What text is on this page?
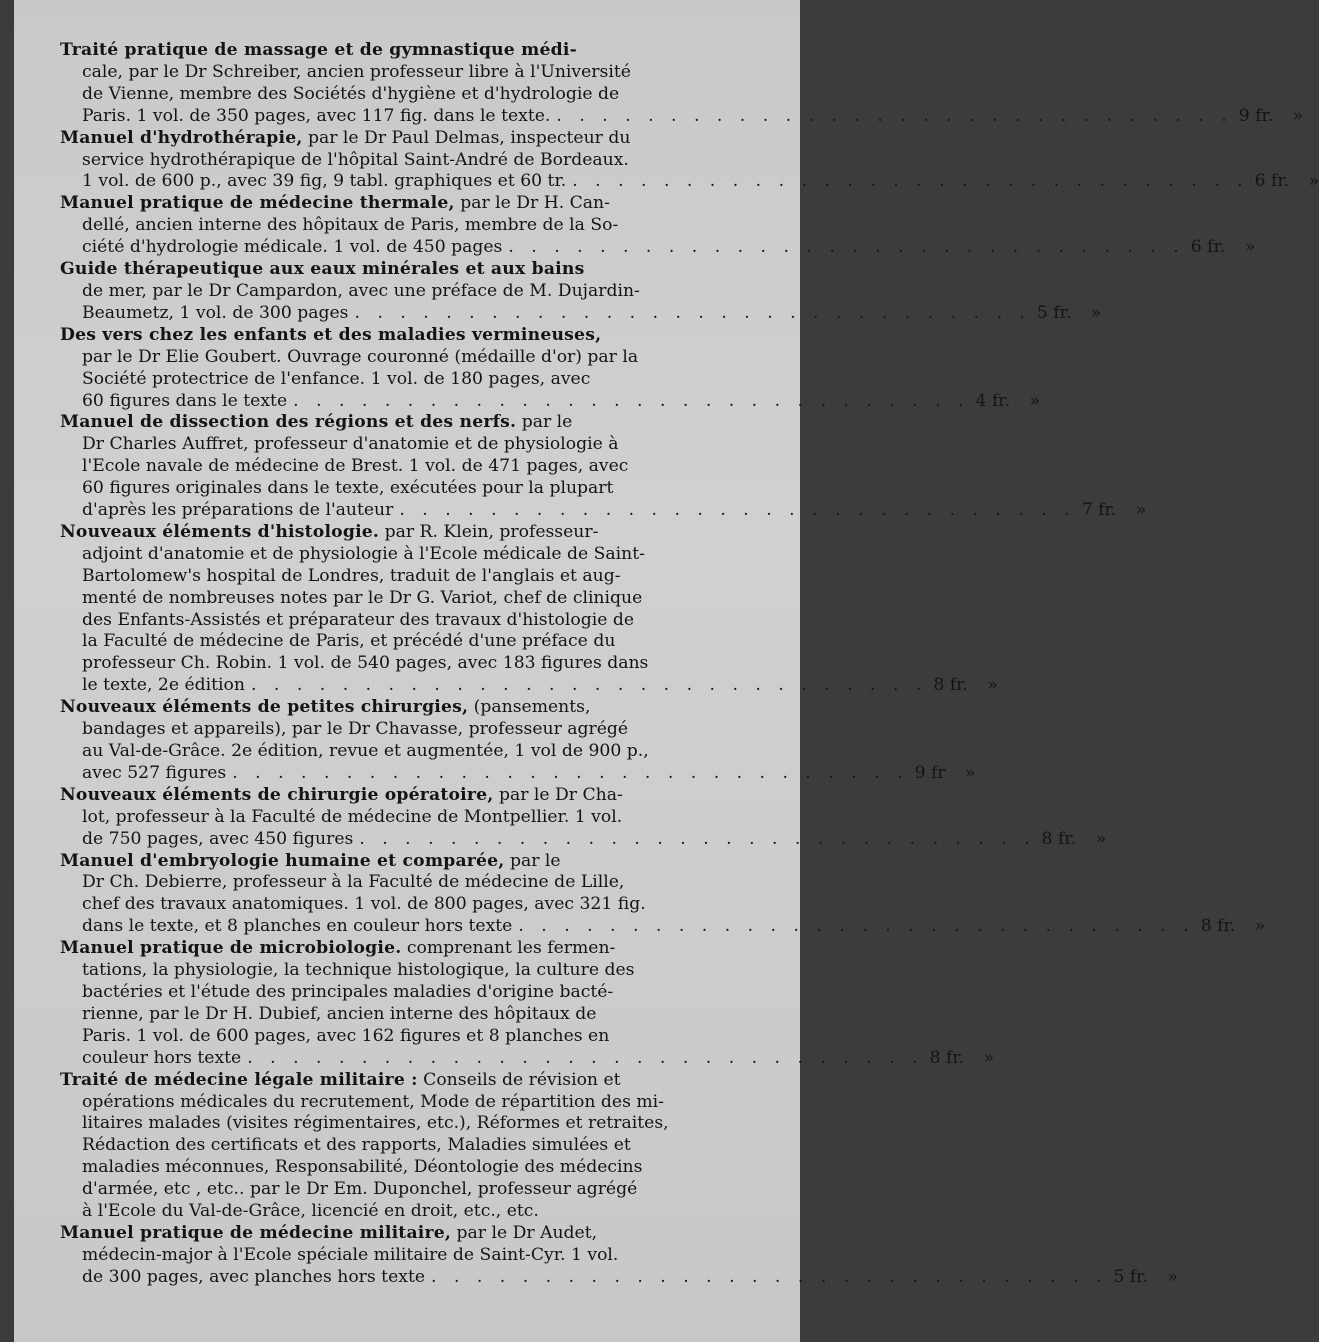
Traité pratique de massage et de gymnastique médi-
cale, par le Dr Schreiber, ancien professeur libre à l'Université
de Vienne, membre des Sociétés d'hygiène et d'hydrologie de
Paris. 1 vol. de 350 pages, avec 117 fig. dans le texte. . . . . . . . . . . . . . . . . . . . . . . . . . . . . . . 9 fr.	»
Manuel d'hydrothérapie, par le Dr Paul Delmas, inspecteur du
service hydrothérapique de l'hôpital Saint-André de Bordeaux.
1 vol. de 600 p., avec 39 fig, 9 tabl. graphiques et 60 tr. . . . . . . . . . . . . . . . . . . . . . . . . . . . . . . 6 fr.	»
Manuel pratique de médecine thermale, par le Dr H. Can-
dellé, ancien interne des hôpitaux de Paris, membre de la So-
ciété d'hydrologie médicale. 1 vol. de 450 pages . . . . . . . . . . . . . . . . . . . . . . . . . . . . . . 6 fr.	»
Guide thérapeutique aux eaux minérales et aux bains
de mer, par le Dr Campardon, avec une préface de M. Dujardin-
Beaumetz, 1 vol. de 300 pages . . . . . . . . . . . . . . . . . . . . . . . . . . . . . . 5 fr.	»
Des vers chez les enfants et des maladies vermineuses,
par le Dr Elie Goubert. Ouvrage couronné (médaille d'or) par la
Société protectrice de l'enfance. 1 vol. de 180 pages, avec
60 figures dans le texte . . . . . . . . . . . . . . . . . . . . . . . . . . . . . . 4 fr.	»
Manuel de dissection des régions et des nerfs. par le
Dr Charles Auffret, professeur d'anatomie et de physiologie à
l'Ecole navale de médecine de Brest. 1 vol. de 471 pages, avec
60 figures originales dans le texte, exécutées pour la plupart
d'après les préparations de l'auteur . . . . . . . . . . . . . . . . . . . . . . . . . . . . . . 7 fr.	»
Nouveaux éléments d'histologie. par R. Klein, professeur-
adjoint d'anatomie et de physiologie à l'Ecole médicale de Saint-
Bartolomew's hospital de Londres, traduit de l'anglais et aug-
menté de nombreuses notes par le Dr G. Variot, chef de clinique
des Enfants-Assistés et préparateur des travaux d'histologie de
la Faculté de médecine de Paris, et précédé d'une préface du
professeur Ch. Robin. 1 vol. de 540 pages, avec 183 figures dans
le texte, 2e édition . . . . . . . . . . . . . . . . . . . . . . . . . . . . . . 8 fr.	»
Nouveaux éléments de petites chirurgies, (pansements,
bandages et appareils), par le Dr Chavasse, professeur agrégé
au Val-de-Grâce. 2e édition, revue et augmentée, 1 vol de 900 p.,
avec 527 figures . . . . . . . . . . . . . . . . . . . . . . . . . . . . . . 9 fr	»
Nouveaux éléments de chirurgie opératoire, par le Dr Cha-
lot, professeur à la Faculté de médecine de Montpellier. 1 vol.
de 750 pages, avec 450 figures . . . . . . . . . . . . . . . . . . . . . . . . . . . . . . 8 fr.	»
Manuel d'embryologie humaine et comparée, par le
Dr Ch. Debierre, professeur à la Faculté de médecine de Lille,
chef des travaux anatomiques. 1 vol. de 800 pages, avec 321 fig.
dans le texte, et 8 planches en couleur hors texte . . . . . . . . . . . . . . . . . . . . . . . . . . . . . . 8 fr.	»
Manuel pratique de microbiologie. comprenant les fermen-
tations, la physiologie, la technique histologique, la culture des
bactéries et l'étude des principales maladies d'origine bacté-
rienne, par le Dr H. Dubief, ancien interne des hôpitaux de
Paris. 1 vol. de 600 pages, avec 162 figures et 8 planches en
couleur hors texte . . . . . . . . . . . . . . . . . . . . . . . . . . . . . . 8 fr.	»
Traité de médecine légale militaire : Conseils de révision et
opérations médicales du recrutement, Mode de répartition des mi-
litaires malades (visites régimentaires, etc.), Réformes et retraites,
Rédaction des certificats et des rapports, Maladies simulées et
maladies méconnues, Responsabilité, Déontologie des médecins
d'armée, etc , etc.. par le Dr Em. Duponchel, professeur agrégé
à l'Ecole du Val-de-Grâce, licencié en droit, etc., etc.
Manuel pratique de médecine militaire, par le Dr Audet,
médecin-major à l'Ecole spéciale militaire de Saint-Cyr. 1 vol.
de 300 pages, avec planches hors texte . . . . . . . . . . . . . . . . . . . . . . . . . . . . . . 5 fr.	»
